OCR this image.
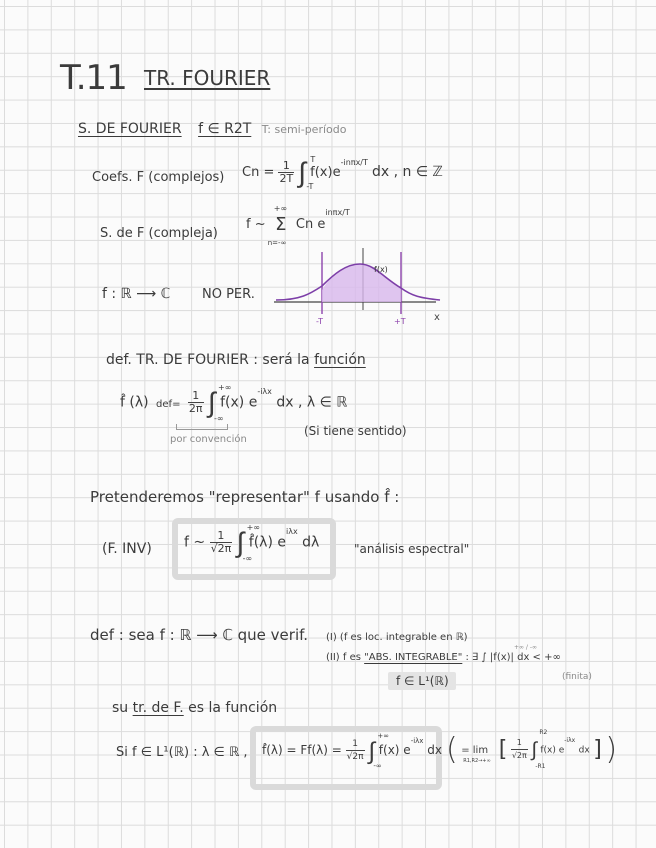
T.11 TR. FOURIER
S. DE FOURIER f ∈ R2T T: semi-período
Coefs. F (complejos) $Cn = \frac{1}{2T}$ ∫ T
-T
$f(x)e^{-in\pi x/T}$ dx , n ∈ ℤ
S. de F (compleja)
f ~
+∞
Σ
n=-∞
Cn $e^{in\pi x/T}$
f : ℝ ⟶ ℂ NO PER.
f(x)
-T	+T	x
def. TR. DE FOURIER : será la función
f̂ (λ) $def= \frac{1}{2\pi}$ ∫ +∞
-∞
f(x) $e^{-i\lambda x}$ dx , λ ∈ ℝ
por convención
(Si tiene sentido)
Pretenderemos "representar" f usando f̂ :
(F. INV) f ~ $\frac{1}{√2\pi}$ ∫ +∞
-∞
f̂(λ) $e^{i\lambda x}$ dλ	"análisis espectral"
def : sea f : ℝ ⟶ ℂ que verif. (I) (f es loc. integrable en ℝ)
(II) f es "ABS. INTEGRABLE" : ∃ ∫ |f(x)| dx < +∞
+∞ / -∞
(finita)
f ∈ L¹(ℝ)
su tr. de F. es la función
Si f ∈ L¹(ℝ) : λ ∈ ℝ , f̂(λ) = $Ff(\lambda) = \frac{1}{√2\pi}$ ∫
+∞
-∞
f(x) $e^{-i\lambda x}$ dx ( = lim
R1,R2→+∞ [ $\frac{1}{√2\pi}$ ∫
R2
-R1
f(x) $e^{-i\lambda x}$ dx ] )
